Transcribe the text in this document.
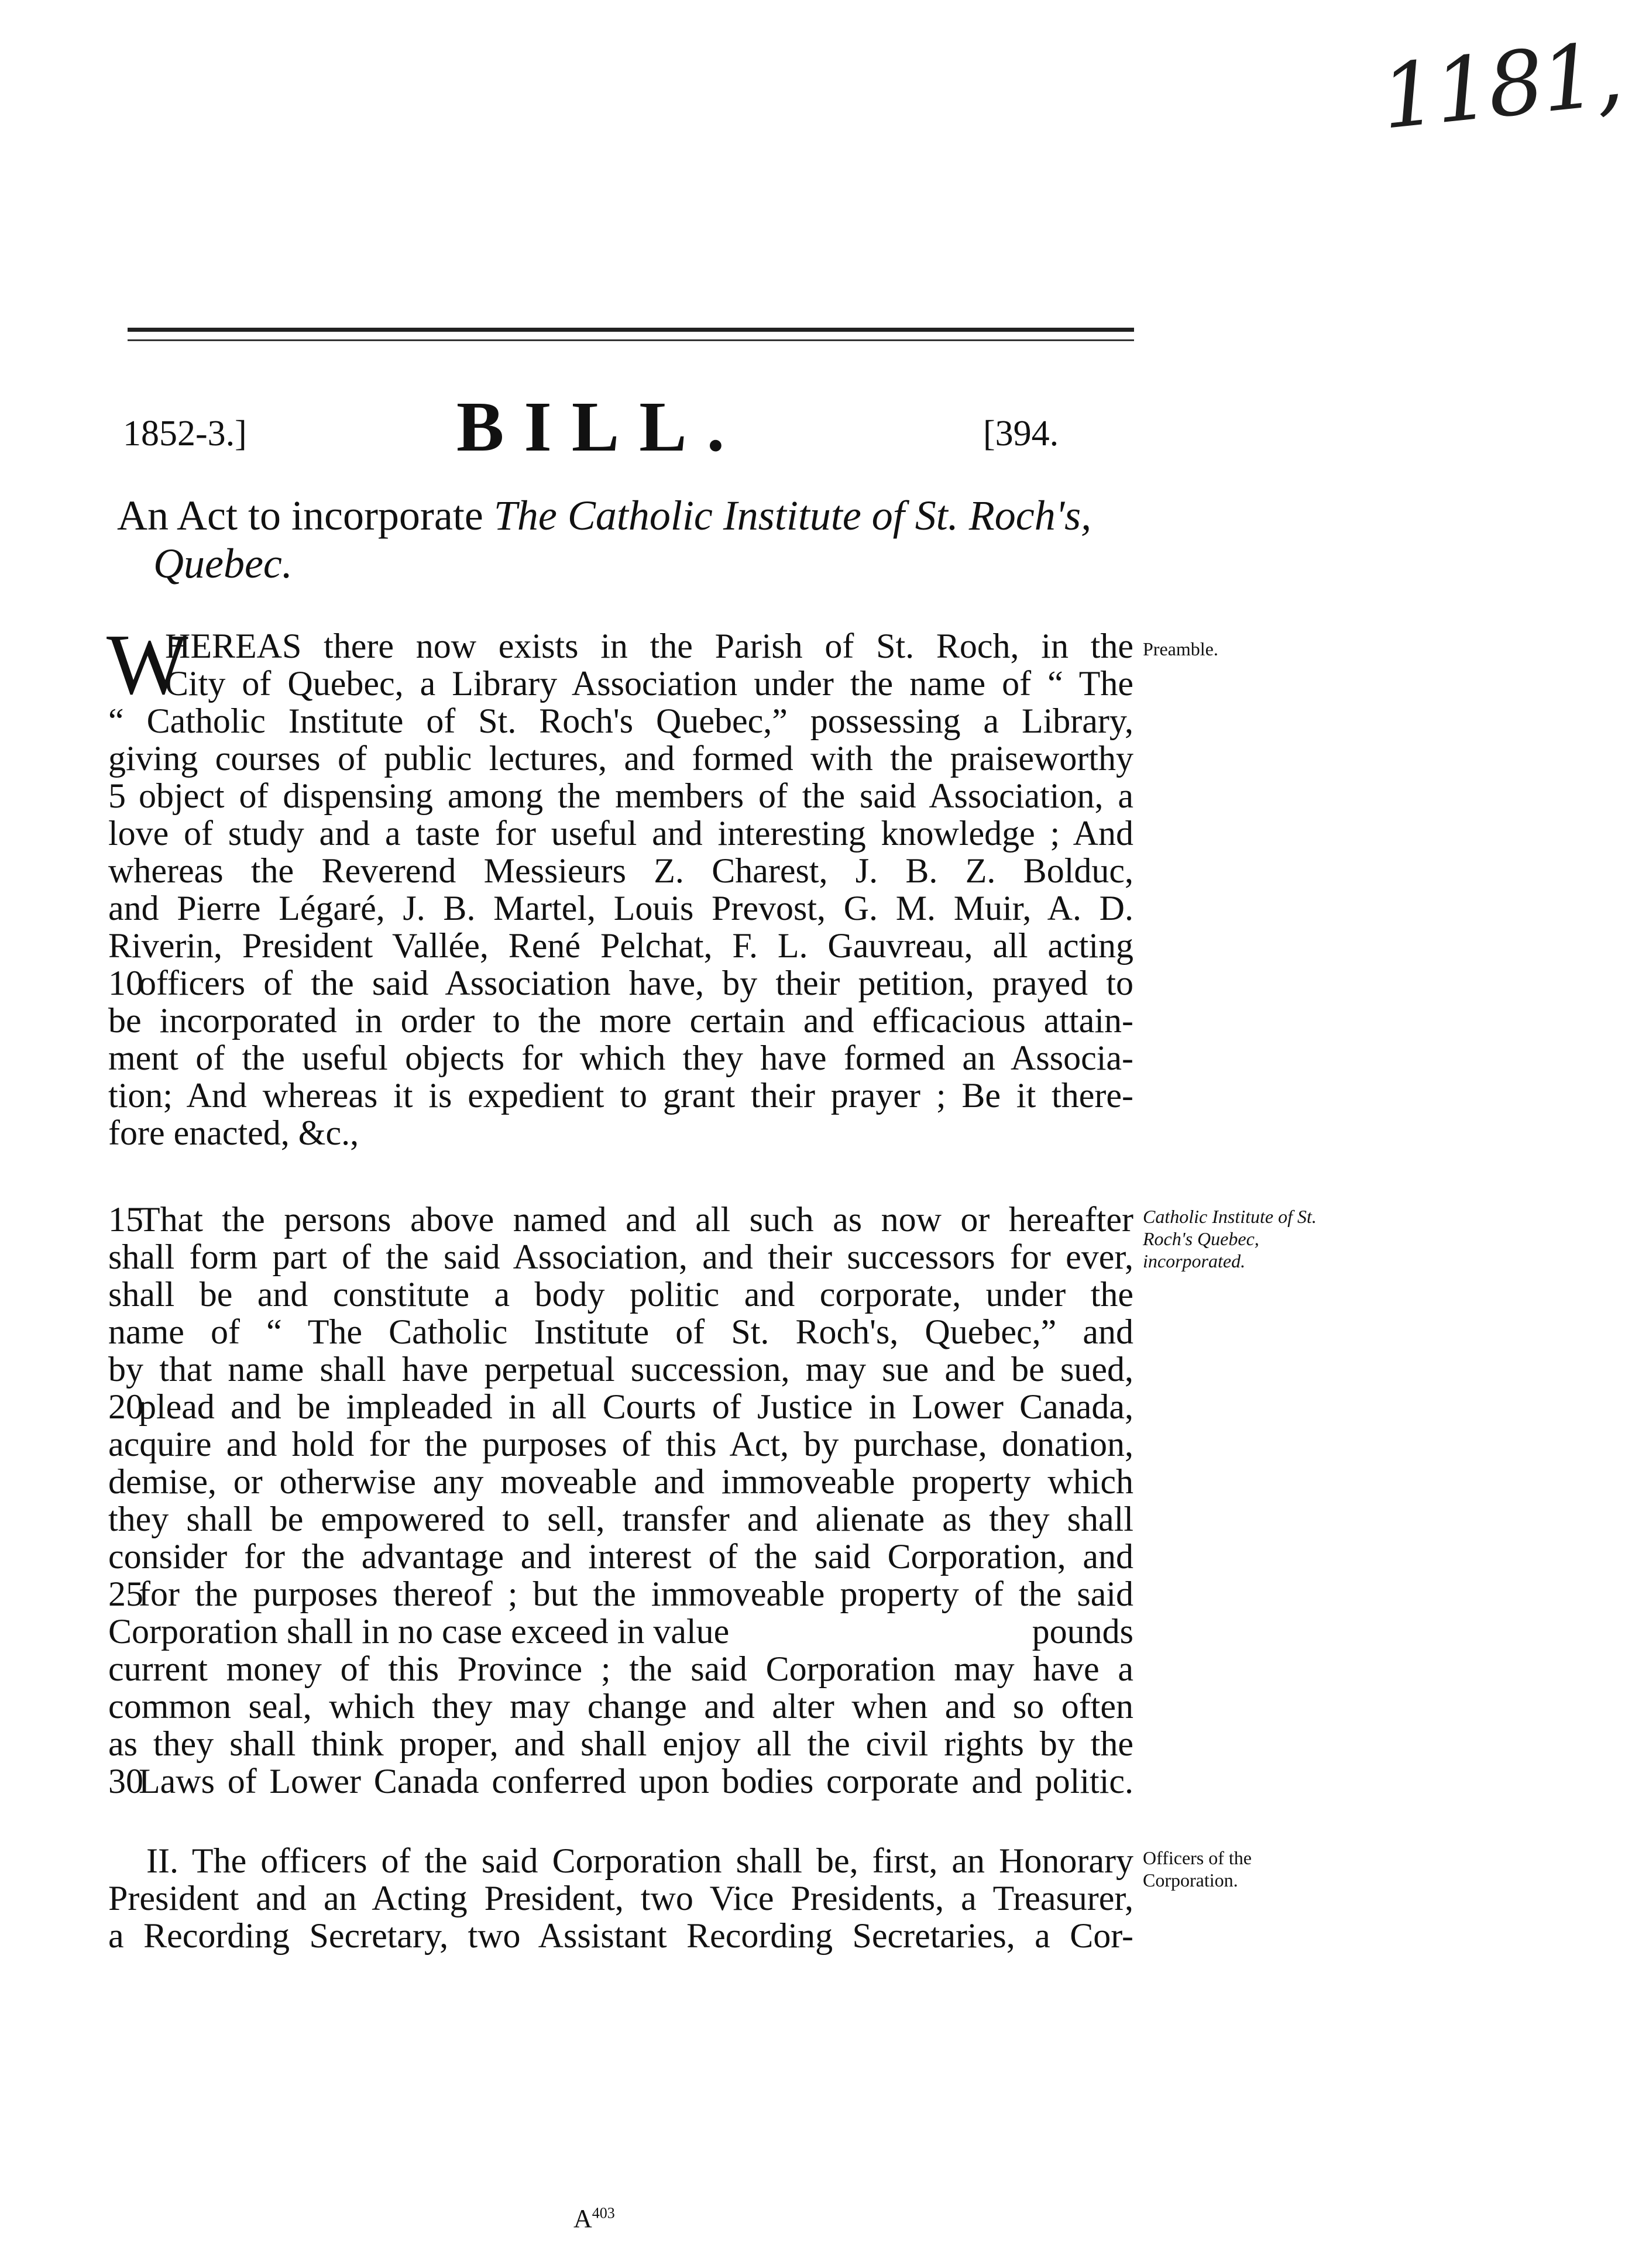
1181,
1852-3.]	BILL.	[394.
An Act to incorporate The Catholic Institute of St. Roch's,
Quebec.
W
HEREAS there now exists in the Parish of St. Roch, in the
City of Quebec, a Library Association under the name of “ The
“ Catholic Institute of St. Roch's Quebec,” possessing a Library,
giving courses of public lectures, and formed with the praiseworthy
5 object of dispensing among the members of the said Association, a
love of study and a taste for useful and interesting knowledge ; And
whereas the Reverend Messieurs Z. Charest, J. B. Z. Bolduc,
and Pierre Légaré, J. B. Martel, Louis Prevost, G. M. Muir, A. D.
Riverin, President Vallée, René Pelchat, F. L. Gauvreau, all acting
10officers of the said Association have, by their petition, prayed to
be incorporated in order to the more certain and efficacious attain-
ment of the useful objects for which they have formed an Associa-
tion; And whereas it is expedient to grant their prayer ; Be it there-
fore enacted, &c.,
Preamble.
15That the persons above named and all such as now or hereafter
shall form part of the said Association, and their successors for ever,
shall be and constitute a body politic and corporate, under the
name of “ The Catholic Institute of St. Roch's, Quebec,” and
by that name shall have perpetual succession, may sue and be sued,
20plead and be impleaded in all Courts of Justice in Lower Canada,
acquire and hold for the purposes of this Act, by purchase, donation,
demise, or otherwise any moveable and immoveable property which
they shall be empowered to sell, transfer and alienate as they shall
consider for the advantage and interest of the said Corporation, and
25for the purposes thereof ; but the immoveable property of the said
Corporation shall in no case exceed in value	pounds
current money of this Province ; the said Corporation may have a
common seal, which they may change and alter when and so often
as they shall think proper, and shall enjoy all the civil rights by the
30Laws of Lower Canada conferred upon bodies corporate and politic.
Catholic Institute of St. Roch's Quebec, incorporated.
II. The officers of the said Corporation shall be, first, an Honorary
President and an Acting President, two Vice Presidents, a Treasurer,
a Recording Secretary, two Assistant Recording Secretaries, a Cor-
Officers of the Corporation.
$A^{403}$
